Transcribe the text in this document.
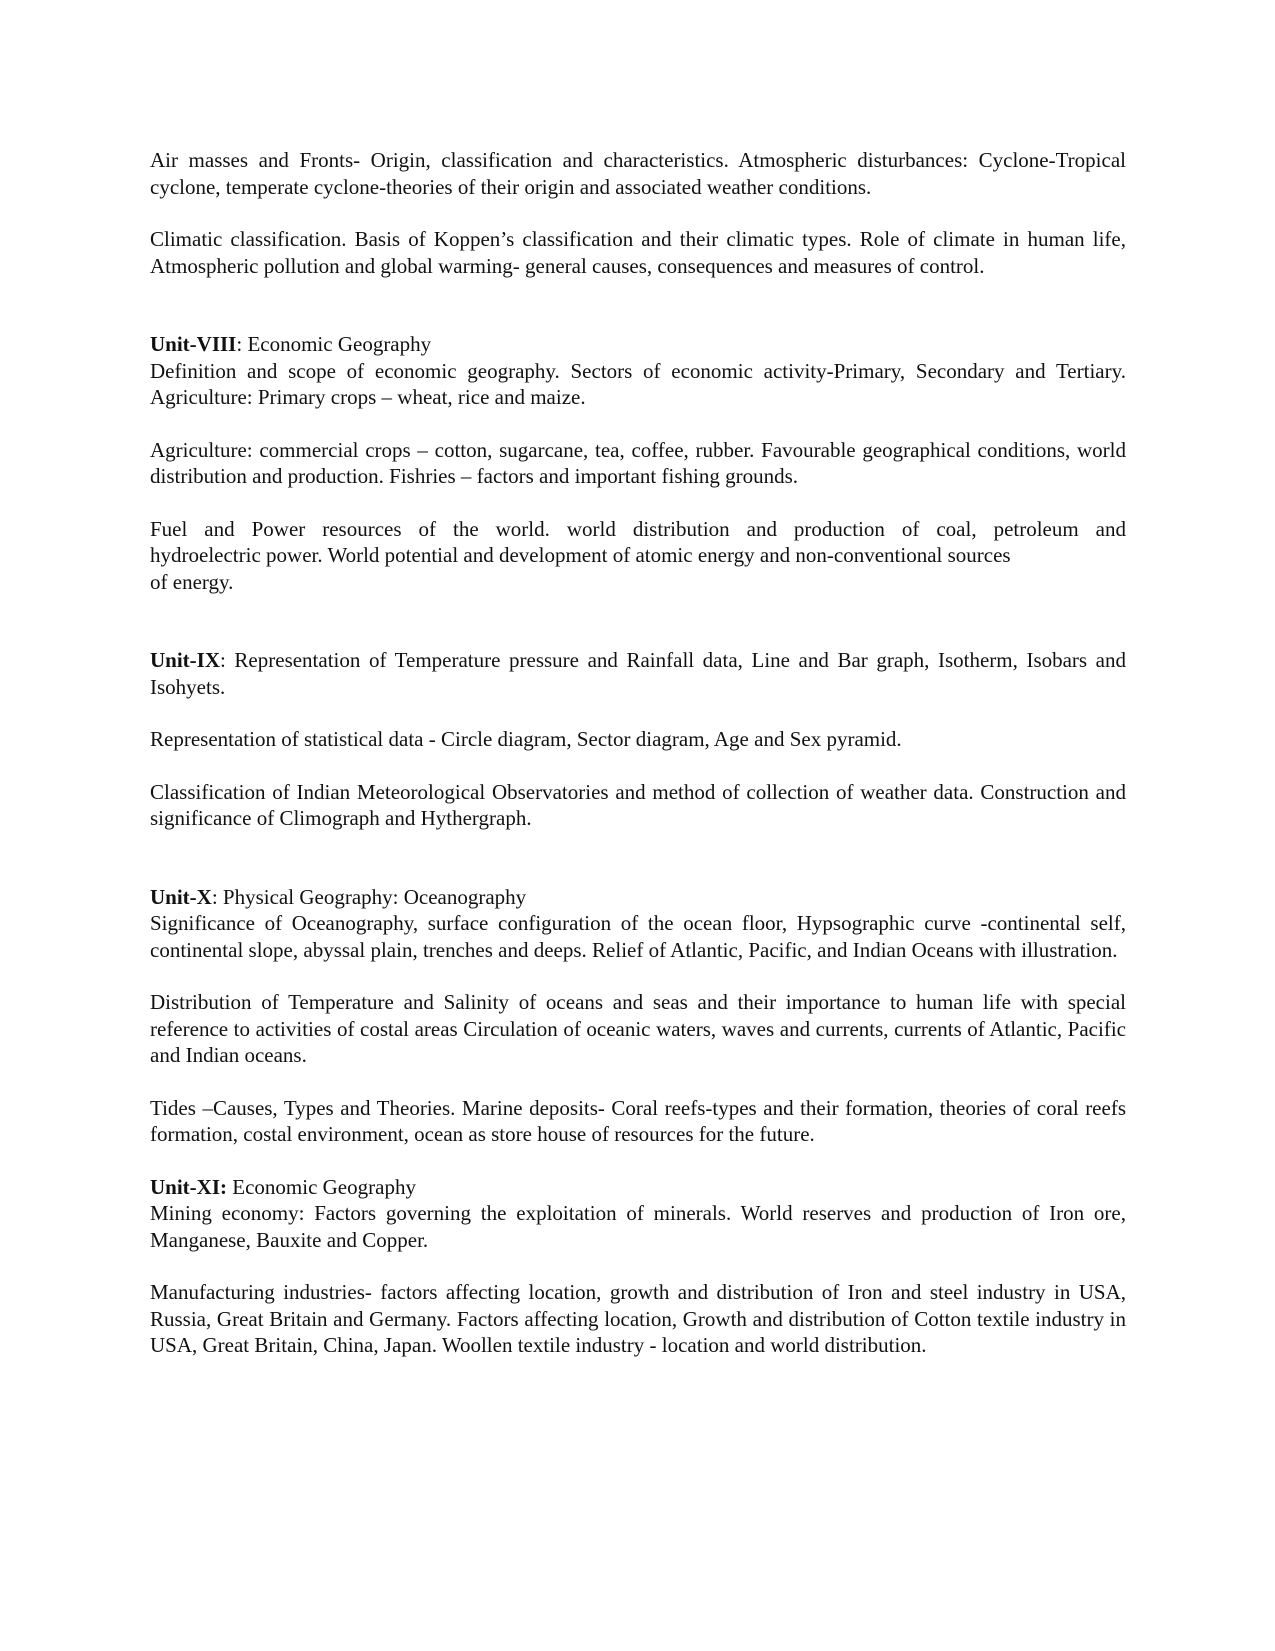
Air masses and Fronts- Origin, classification and characteristics. Atmospheric disturbances: Cyclone-Tropical cyclone, temperate cyclone-theories of their origin and associated weather conditions.

Climatic classification. Basis of Koppen’s classification and their climatic types. Role of climate in human life, Atmospheric pollution and global warming- general causes, consequences and measures of control.

Unit-VIII: Economic Geography

Definition and scope of economic geography. Sectors of economic activity-Primary, Secondary and Tertiary. Agriculture: Primary crops – wheat, rice and maize.

Agriculture: commercial crops – cotton, sugarcane, tea, coffee, rubber. Favourable geographical conditions, world distribution and production. Fishries – factors and important fishing grounds.

Fuel and Power resources of the world. world distribution and production of coal, petroleum and
hydroelectric power. World potential and development of atomic energy and non-conventional sources
of energy.

Unit-IX: Representation of Temperature pressure and Rainfall data, Line and Bar graph, Isotherm, Isobars and Isohyets.

Representation of statistical data - Circle diagram, Sector diagram, Age and Sex pyramid.

Classification of Indian Meteorological Observatories and method of collection of weather data. Construction and significance of Climograph and Hythergraph.

Unit-X: Physical Geography: Oceanography

Significance of Oceanography, surface configuration of the ocean floor, Hypsographic curve -continental self, continental slope, abyssal plain, trenches and deeps. Relief of Atlantic, Pacific, and Indian Oceans with illustration.

Distribution of Temperature and Salinity of oceans and seas and their importance to human life with special reference to activities of costal areas Circulation of oceanic waters, waves and currents, currents of Atlantic, Pacific and Indian oceans.

Tides –Causes, Types and Theories. Marine deposits- Coral reefs-types and their formation, theories of coral reefs formation, costal environment, ocean as store house of resources for the future.

Unit-XI: Economic Geography

Mining economy: Factors governing the exploitation of minerals. World reserves and production of Iron ore, Manganese, Bauxite and Copper.

Manufacturing industries- factors affecting location, growth and distribution of Iron and steel industry in USA, Russia, Great Britain and Germany. Factors affecting location, Growth and distribution of Cotton textile industry in USA, Great Britain, China, Japan. Woollen textile industry - location and world distribution.
